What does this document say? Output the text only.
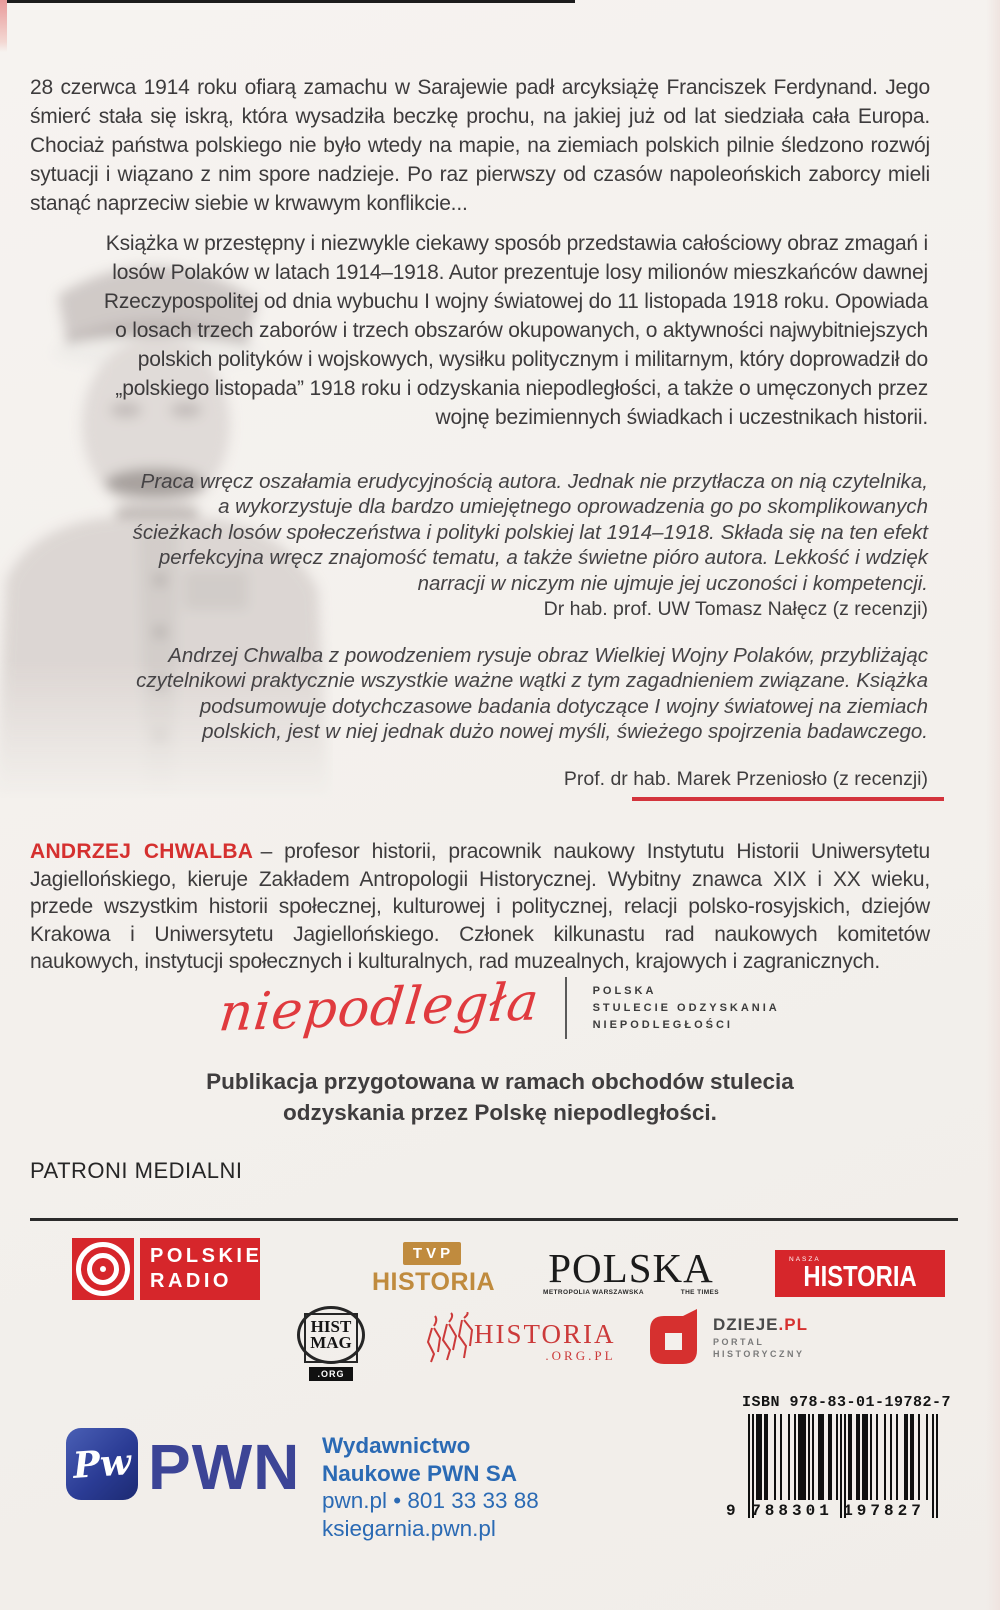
28 czerwca 1914 roku ofiarą zamachu w Sarajewie padł arcyksiążę Franciszek Ferdynand. Jego śmierć stała się iskrą, która wysadziła beczkę prochu, na jakiej już od lat siedziała cała Europa. Chociaż państwa polskiego nie było wtedy na mapie, na ziemiach polskich pilnie śledzono rozwój sytuacji i wiązano z nim spore nadzieje. Po raz pierwszy od czasów napoleońskich zaborcy mieli stanąć naprzeciw siebie w krwawym konflikcie...

Książka w przestępny i niezwykle ciekawy sposób przedstawia całościowy obraz zmagań i losów Polaków w latach 1914–1918. Autor prezentuje losy milionów mieszkańców dawnej Rzeczypospolitej od dnia wybuchu I wojny światowej do 11 listopada 1918 roku. Opowiada o losach trzech zaborów i trzech obszarów okupowanych, o aktywności najwybitniejszych polskich polityków i wojskowych, wysiłku politycznym i militarnym, który doprowadził do „polskiego listopada” 1918 roku i odzyskania niepodległości, a także o umęczonych przez wojnę bezimiennych świadkach i uczestnikach historii.

Praca wręcz oszałamia erudycyjnością autora. Jednak nie przytłacza on nią czytelnika, a wykorzystuje dla bardzo umiejętnego oprowadzenia go po skomplikowanych ścieżkach losów społeczeństwa i polityki polskiej lat 1914–1918. Składa się na ten efekt perfekcyjna wręcz znajomość tematu, a także świetne pióro autora. Lekkość i wdzięk narracji w niczym nie ujmuje jej uczoności i kompetencji.

Dr hab. prof. UW Tomasz Nałęcz (z recenzji)

Andrzej Chwalba z powodzeniem rysuje obraz Wielkiej Wojny Polaków, przybliżając czytelnikowi praktycznie wszystkie ważne wątki z tym zagadnieniem związane. Książka podsumowuje dotychczasowe badania dotyczące I wojny światowej na ziemiach polskich, jest w niej jednak dużo nowej myśli, świeżego spojrzenia badawczego.

Prof. dr hab. Marek Przeniosło (z recenzji)

ANDRZEJ CHWALBA – profesor historii, pracownik naukowy Instytutu Historii Uniwersytetu Jagiellońskiego, kieruje Zakładem Antropologii Historycznej. Wybitny znawca XIX i XX wieku, przede wszystkim historii społecznej, kulturowej i politycznej, relacji polsko-rosyjskich, dziejów Krakowa i Uniwersytetu Jagiellońskiego. Członek kilkunastu rad naukowych komitetów naukowych, instytucji społecznych i kulturalnych, rad muzealnych, krajowych i zagranicznych.

niepodległa	POLSKA
STULECIE ODZYSKANIA
NIEPODLEGŁOŚCI
Publikacja przygotowana w ramach obchodów stulecia
odzyskania przez Polskę niepodległości.
PATRONI MEDIALNI
POLSKIE
RADIO
TVP
HISTORIA POLSKA
METROPOLIA WARSZAWSKA	THE TIMES
NASZA
HISTORIA
HIST
MAG
.ORG
HISTORIA
.ORG.PL
DZIEJE.PL
PORTAL
HISTORYCZNY
Pw PWN Wydawnictwo
Naukowe PWN SA
pwn.pl • 801 33 33 88
ksiegarnia.pwn.pl
ISBN 978-83-01-19782-7
9 788301 197827
